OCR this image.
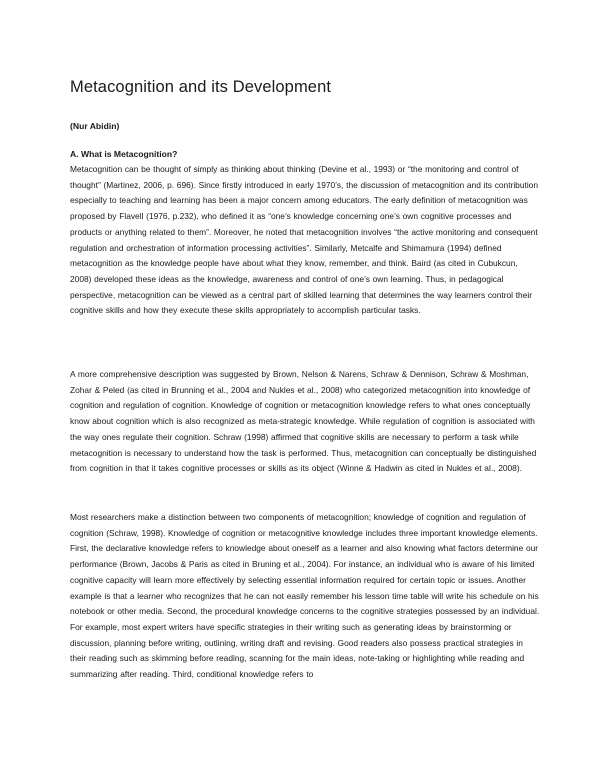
Metacognition and its Development

(Nur Abidin)

A. What is Metacognition?

Metacognition can be thought of simply as thinking about thinking (Devine et al., 1993) or “the monitoring and control of thought” (Martinez, 2006, p. 696). Since firstly introduced in early 1970’s, the discussion of metacognition and its contribution especially to teaching and learning has been a major concern among educators. The early definition of metacognition was proposed by Flavell (1976, p.232), who defined it as “one’s knowledge concerning one’s own cognitive processes and products or anything related to them”. Moreover, he noted that metacognition involves “the active monitoring and consequent regulation and orchestration of information processing activities”. Similarly, Metcalfe and Shimamura (1994) defined metacognition as the knowledge people have about what they know, remember, and think. Baird (as cited in Cubukcun, 2008) developed these ideas as the knowledge, awareness and control of one’s own learning. Thus, in pedagogical perspective, metacognition can be viewed as a central part of skilled learning that determines the way learners control their cognitive skills and how they execute these skills appropriately to accomplish particular tasks.

A more comprehensive description was suggested by Brown, Nelson & Narens, Schraw & Dennison, Schraw & Moshman, Zohar & Peled (as cited in Brunning et al., 2004 and Nukles et al., 2008) who categorized metacognition into knowledge of cognition and regulation of cognition. Knowledge of cognition or metacognition knowledge refers to what ones conceptually know about cognition which is also recognized as meta-strategic knowledge. While regulation of cognition is associated with the way ones regulate their cognition. Schraw (1998) affirmed that cognitive skills are necessary to perform a task while metacognition is necessary to understand how the task is performed. Thus, metacognition can conceptually be distinguished from cognition in that it takes cognitive processes or skills as its object (Winne & Hadwin as cited in Nukles et al., 2008).

Most researchers make a distinction between two components of metacognition; knowledge of cognition and regulation of cognition (Schraw, 1998). Knowledge of cognition or metacognitive knowledge includes three important knowledge elements. First, the declarative knowledge refers to knowledge about oneself as a learner and also knowing what factors determine our performance (Brown, Jacobs & Paris as cited in Bruning et al., 2004). For instance, an individual who is aware of his limited cognitive capacity will learn more effectively by selecting essential information required for certain topic or issues. Another example is that a learner who recognizes that he can not easily remember his lesson time table will write his schedule on his notebook or other media. Second, the procedural knowledge concerns to the cognitive strategies possessed by an individual. For example, most expert writers have specific strategies in their writing such as generating ideas by brainstorming or discussion, planning before writing, outlining, writing draft and revising. Good readers also possess practical strategies in their reading such as skimming before reading, scanning for the main ideas, note-taking or highlighting while reading and summarizing after reading. Third, conditional knowledge refers to
